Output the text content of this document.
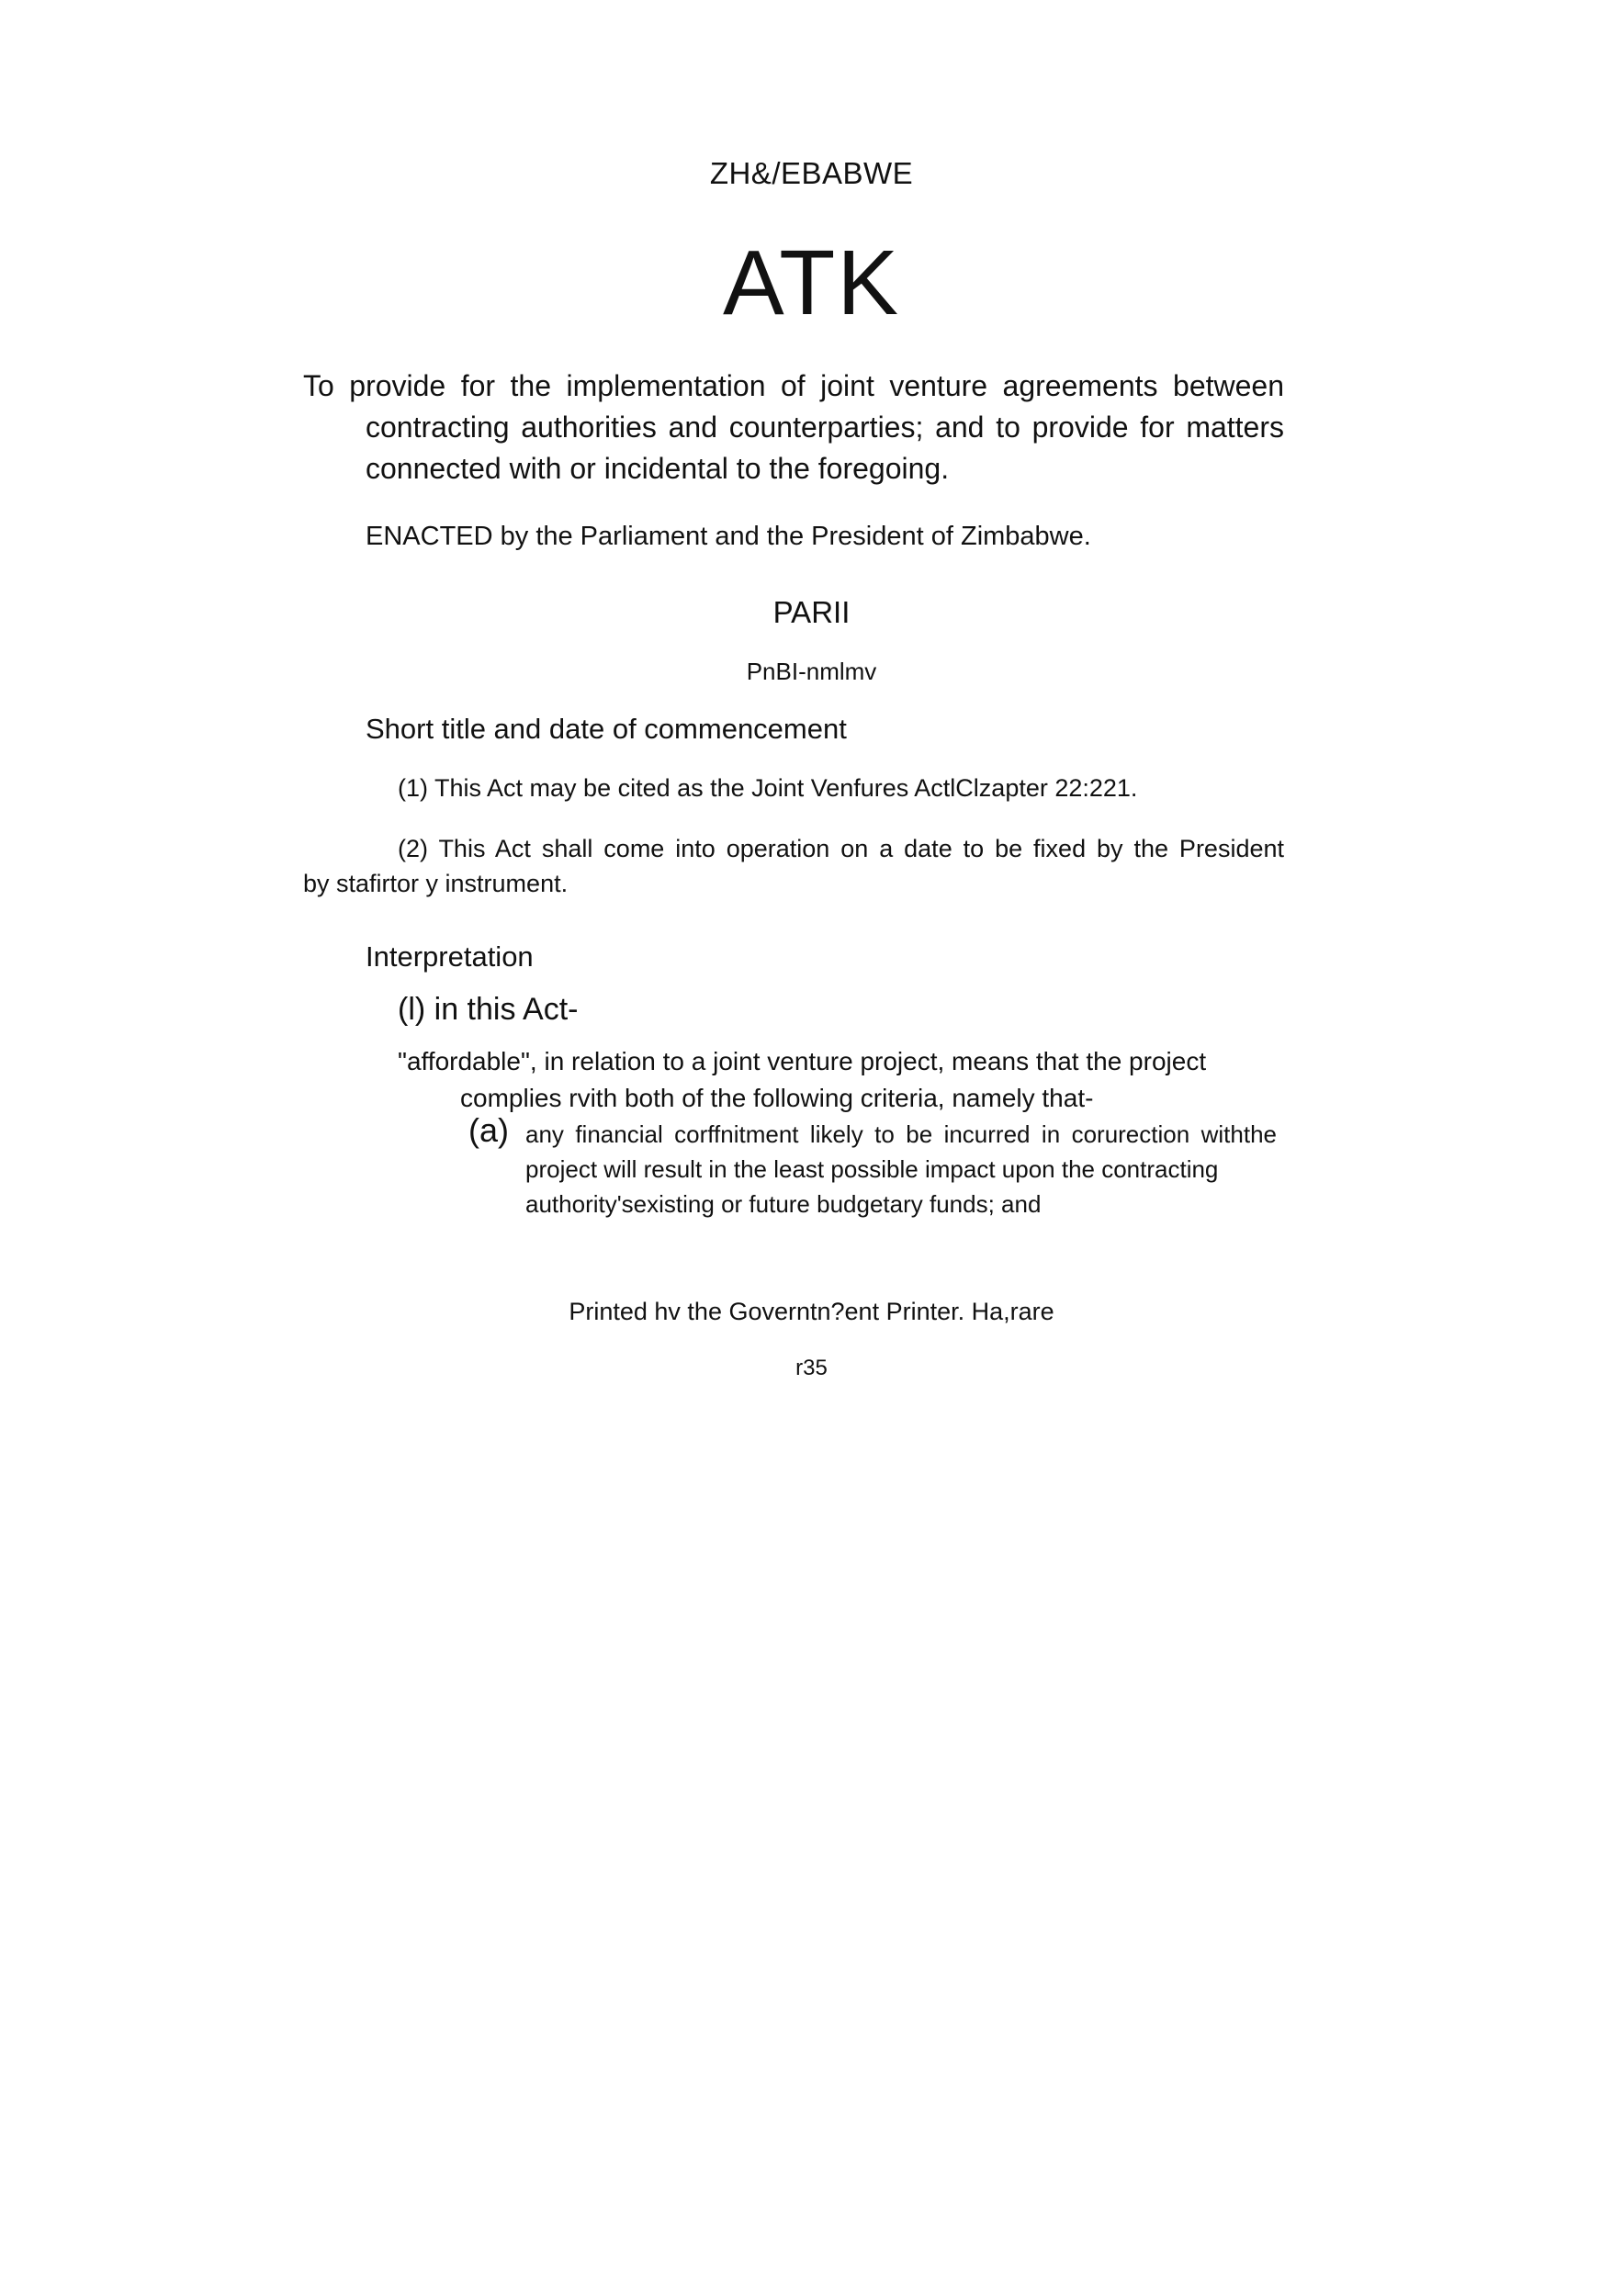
ZH&/EBABWE
ATK
To provide for the implementation of joint venture agreements between
contracting authorities and counterparties; and to provide for matters
connected with or incidental to the foregoing.
ENACTED by the Parliament and the President of Zimbabwe.
PARII
PnBI-nmlmv
Short title and date of commencement
(1) This Act may be cited as the Joint Venfures ActlClzapter 22:221.
(2) This Act shall come into operation on a date to be fixed by the President
by stafirtor y instrument.
Interpretation
(l) in this Act-
"affordable", in relation to a joint venture project, means that the project
complies rvith both of the following criteria, namely that-
(a) any financial corffnitment likely to be incurred in corurection withthe
project will result in the least possible impact upon the contracting
authority'sexisting or future budgetary funds; and
Printed hv the Governtn?ent Printer. Ha,rare
r35
